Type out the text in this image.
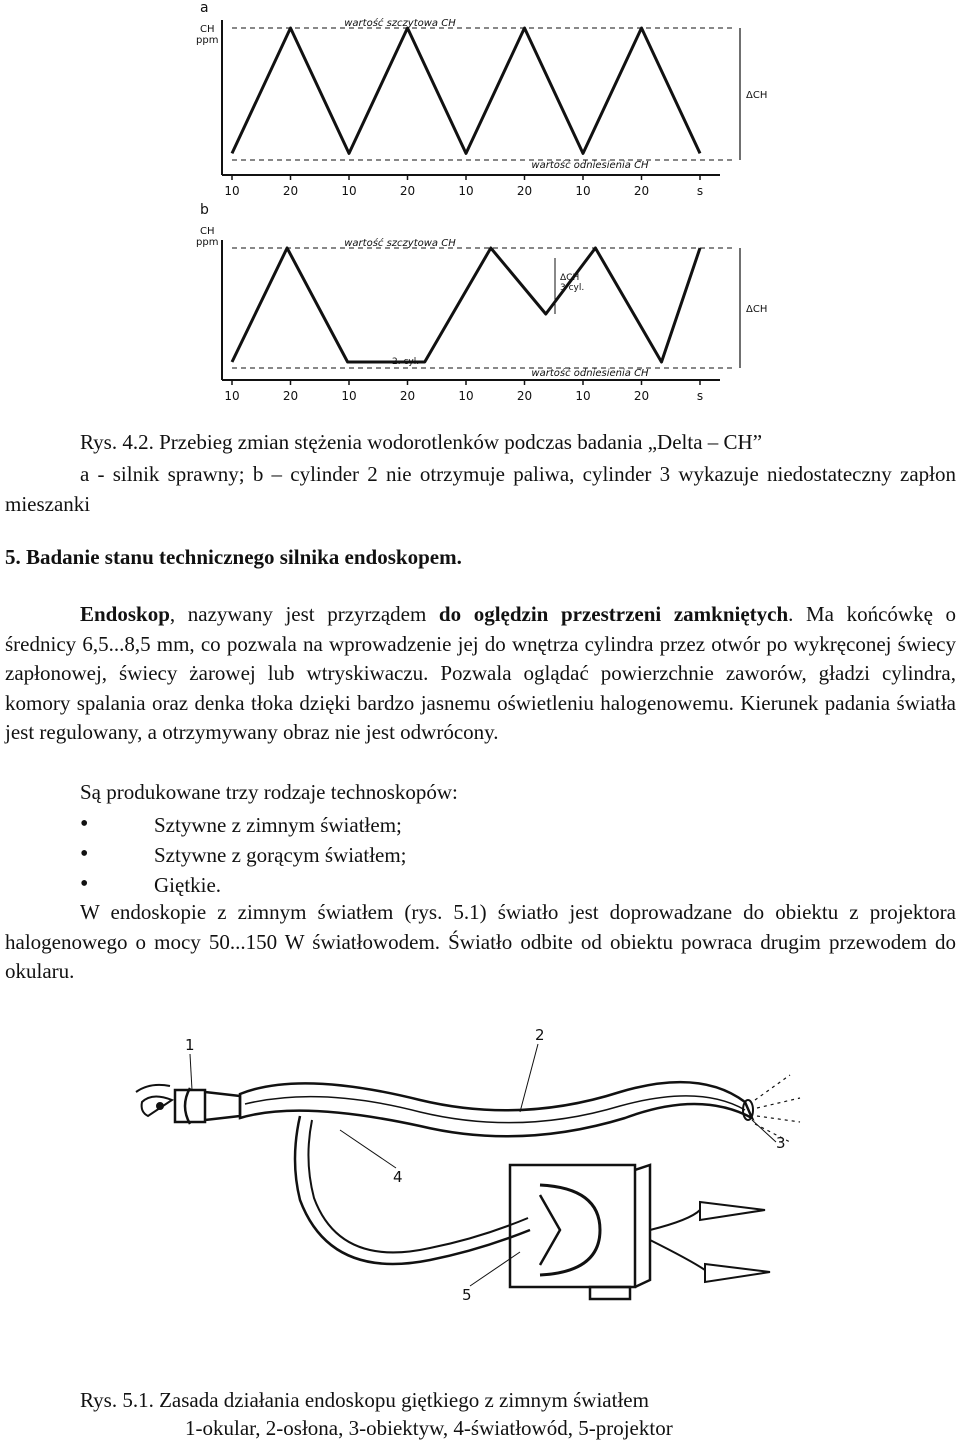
a
CH
ppm
10	20	10	20	10	20	10	20	s
wartość szczytowa CH
wartość odniesienia CH
ΔCH
b
CH
ppm
10	20	10	20	10	20	10	20	s
wartość szczytowa CH
wartość odniesienia CH
ΔCH
ΔCH
3 cyl.
2. cyl.
Rys. 4.2. Przebieg zmian stężenia wodorotlenków podczas badania „Delta – CH”
a - silnik sprawny; b – cylinder 2 nie otrzymuje paliwa, cylinder 3 wykazuje niedostateczny zapłon mieszanki
5. Badanie stanu technicznego silnika endoskopem.
Endoskop, nazywany jest przyrządem do oględzin przestrzeni zamkniętych. Ma końcówkę o średnicy 6,5...8,5 mm, co pozwala na wprowadzenie jej do wnętrza cylindra przez otwór po wykręconej świecy zapłonowej, świecy żarowej lub wtryskiwaczu. Pozwala oglądać powierzchnie zaworów, gładzi cylindra, komory spalania oraz denka tłoka dzięki bardzo jasnemu oświetleniu halogenowemu. Kierunek padania światła jest regulowany, a otrzymywany obraz nie jest odwrócony.
Są produkowane trzy rodzaje technoskopów:
• Sztywne z zimnym światłem;
• Sztywne z gorącym światłem;
• Giętkie.
W endoskopie z zimnym światłem (rys. 5.1) światło jest doprowadzane do obiektu z projektora halogenowego o mocy 50...150 W światłowodem. Światło odbite od obiektu powraca drugim przewodem do okularu.
1
2
3
4
5
Rys. 5.1. Zasada działania endoskopu giętkiego z zimnym światłem
1-okular, 2-osłona, 3-obiektyw, 4-światłowód, 5-projektor
